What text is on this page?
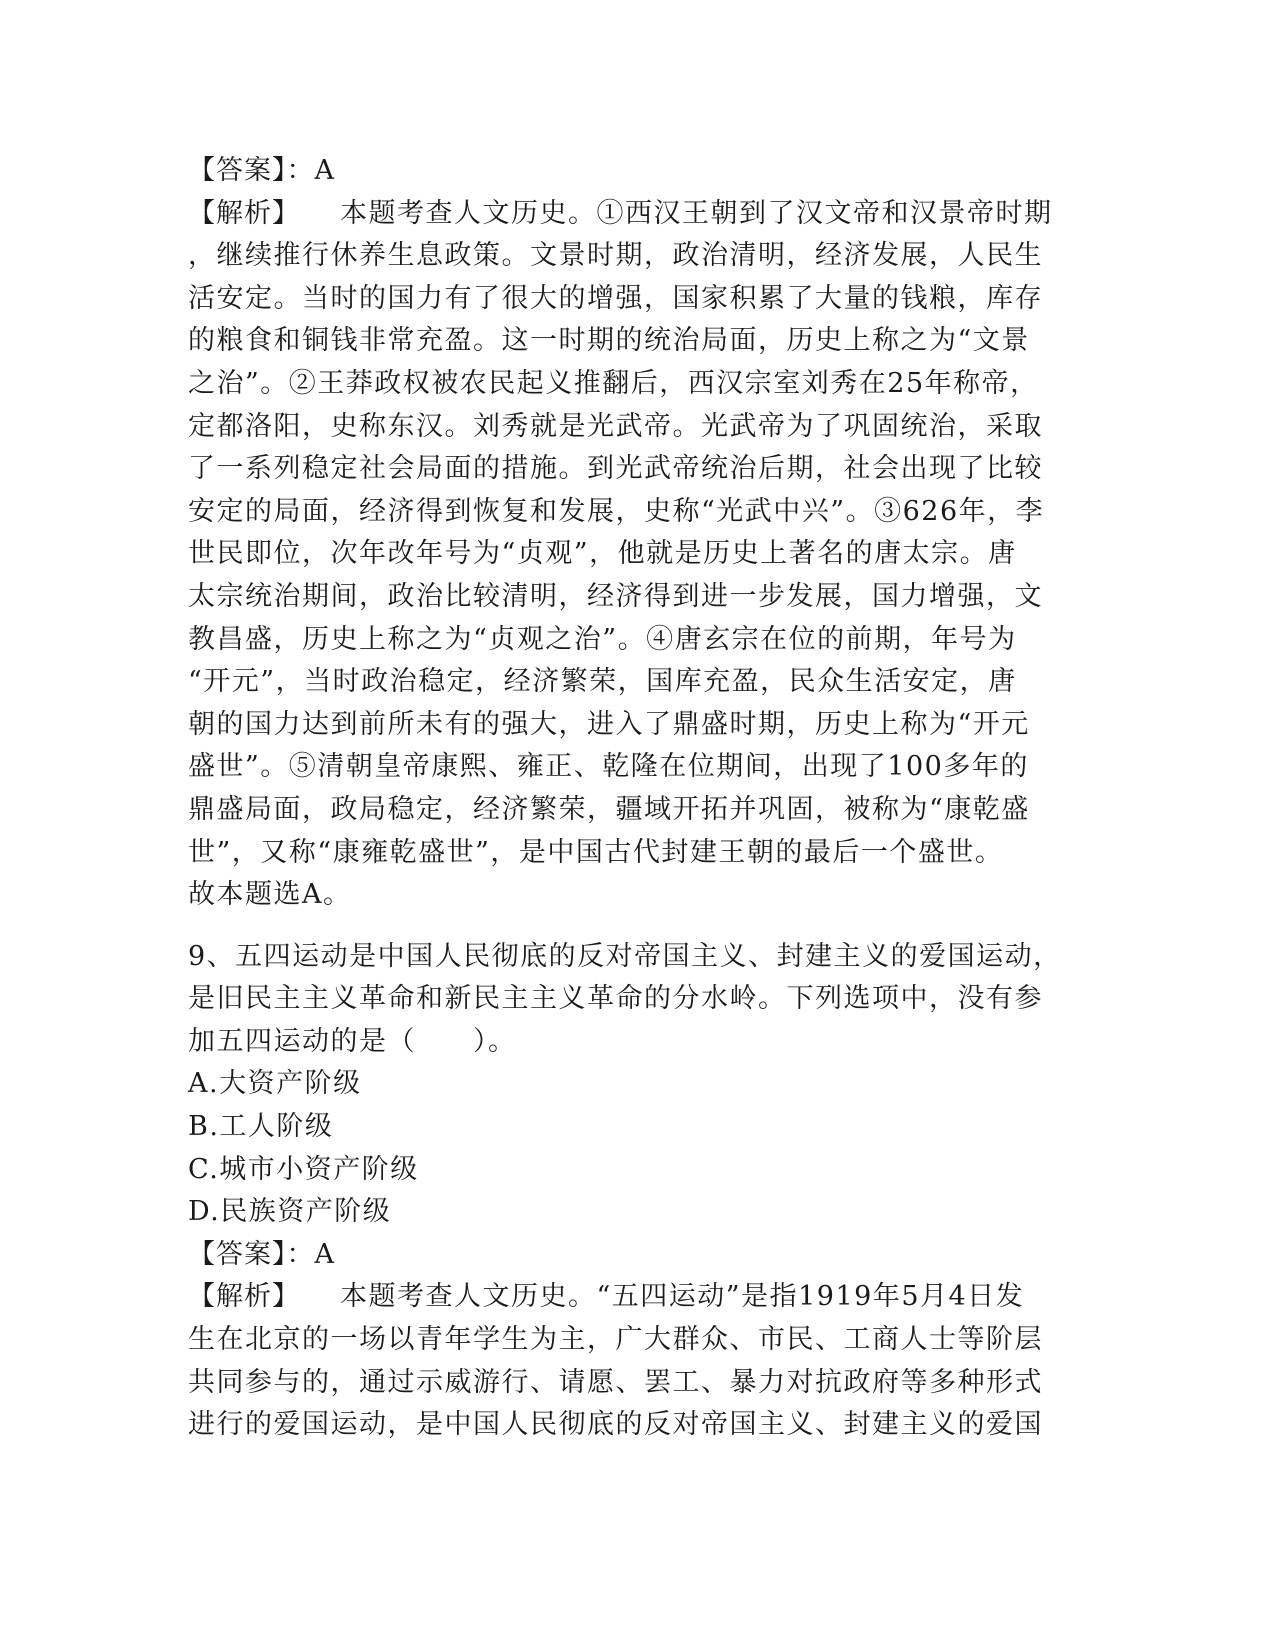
【答案】：A
【解析】 本题考查人文历史。①西汉王朝到了汉文帝和汉景帝时期
，继续推行休养生息政策。文景时期，政治清明，经济发展，人民生
活安定。当时的国力有了很大的增强，国家积累了大量的钱粮，库存
的粮食和铜钱非常充盈。这一时期的统治局面，历史上称之为“文景
之治”。②王莽政权被农民起义推翻后，西汉宗室刘秀在25年称帝，
定都洛阳，史称东汉。刘秀就是光武帝。光武帝为了巩固统治，采取
了一系列稳定社会局面的措施。到光武帝统治后期，社会出现了比较
安定的局面，经济得到恢复和发展，史称“光武中兴”。③626年，李
世民即位，次年改年号为“贞观”，他就是历史上著名的唐太宗。唐
太宗统治期间，政治比较清明，经济得到进一步发展，国力增强，文
教昌盛，历史上称之为“贞观之治”。④唐玄宗在位的前期，年号为
“开元”，当时政治稳定，经济繁荣，国库充盈，民众生活安定，唐
朝的国力达到前所未有的强大，进入了鼎盛时期，历史上称为“开元
盛世”。⑤清朝皇帝康熙、雍正、乾隆在位期间，出现了100多年的
鼎盛局面，政局稳定，经济繁荣，疆域开拓并巩固，被称为“康乾盛
世”，又称“康雍乾盛世”，是中国古代封建王朝的最后一个盛世。
故本题选A。
9、五四运动是中国人民彻底的反对帝国主义、封建主义的爱国运动，
是旧民主主义革命和新民主主义革命的分水岭。下列选项中，没有参
加五四运动的是（　　）。
A.大资产阶级
B.工人阶级
C.城市小资产阶级
D.民族资产阶级
【答案】：A
【解析】 本题考查人文历史。“五四运动”是指1919年5月4日发
生在北京的一场以青年学生为主，广大群众、市民、工商人士等阶层
共同参与的，通过示威游行、请愿、罢工、暴力对抗政府等多种形式
进行的爱国运动，是中国人民彻底的反对帝国主义、封建主义的爱国
